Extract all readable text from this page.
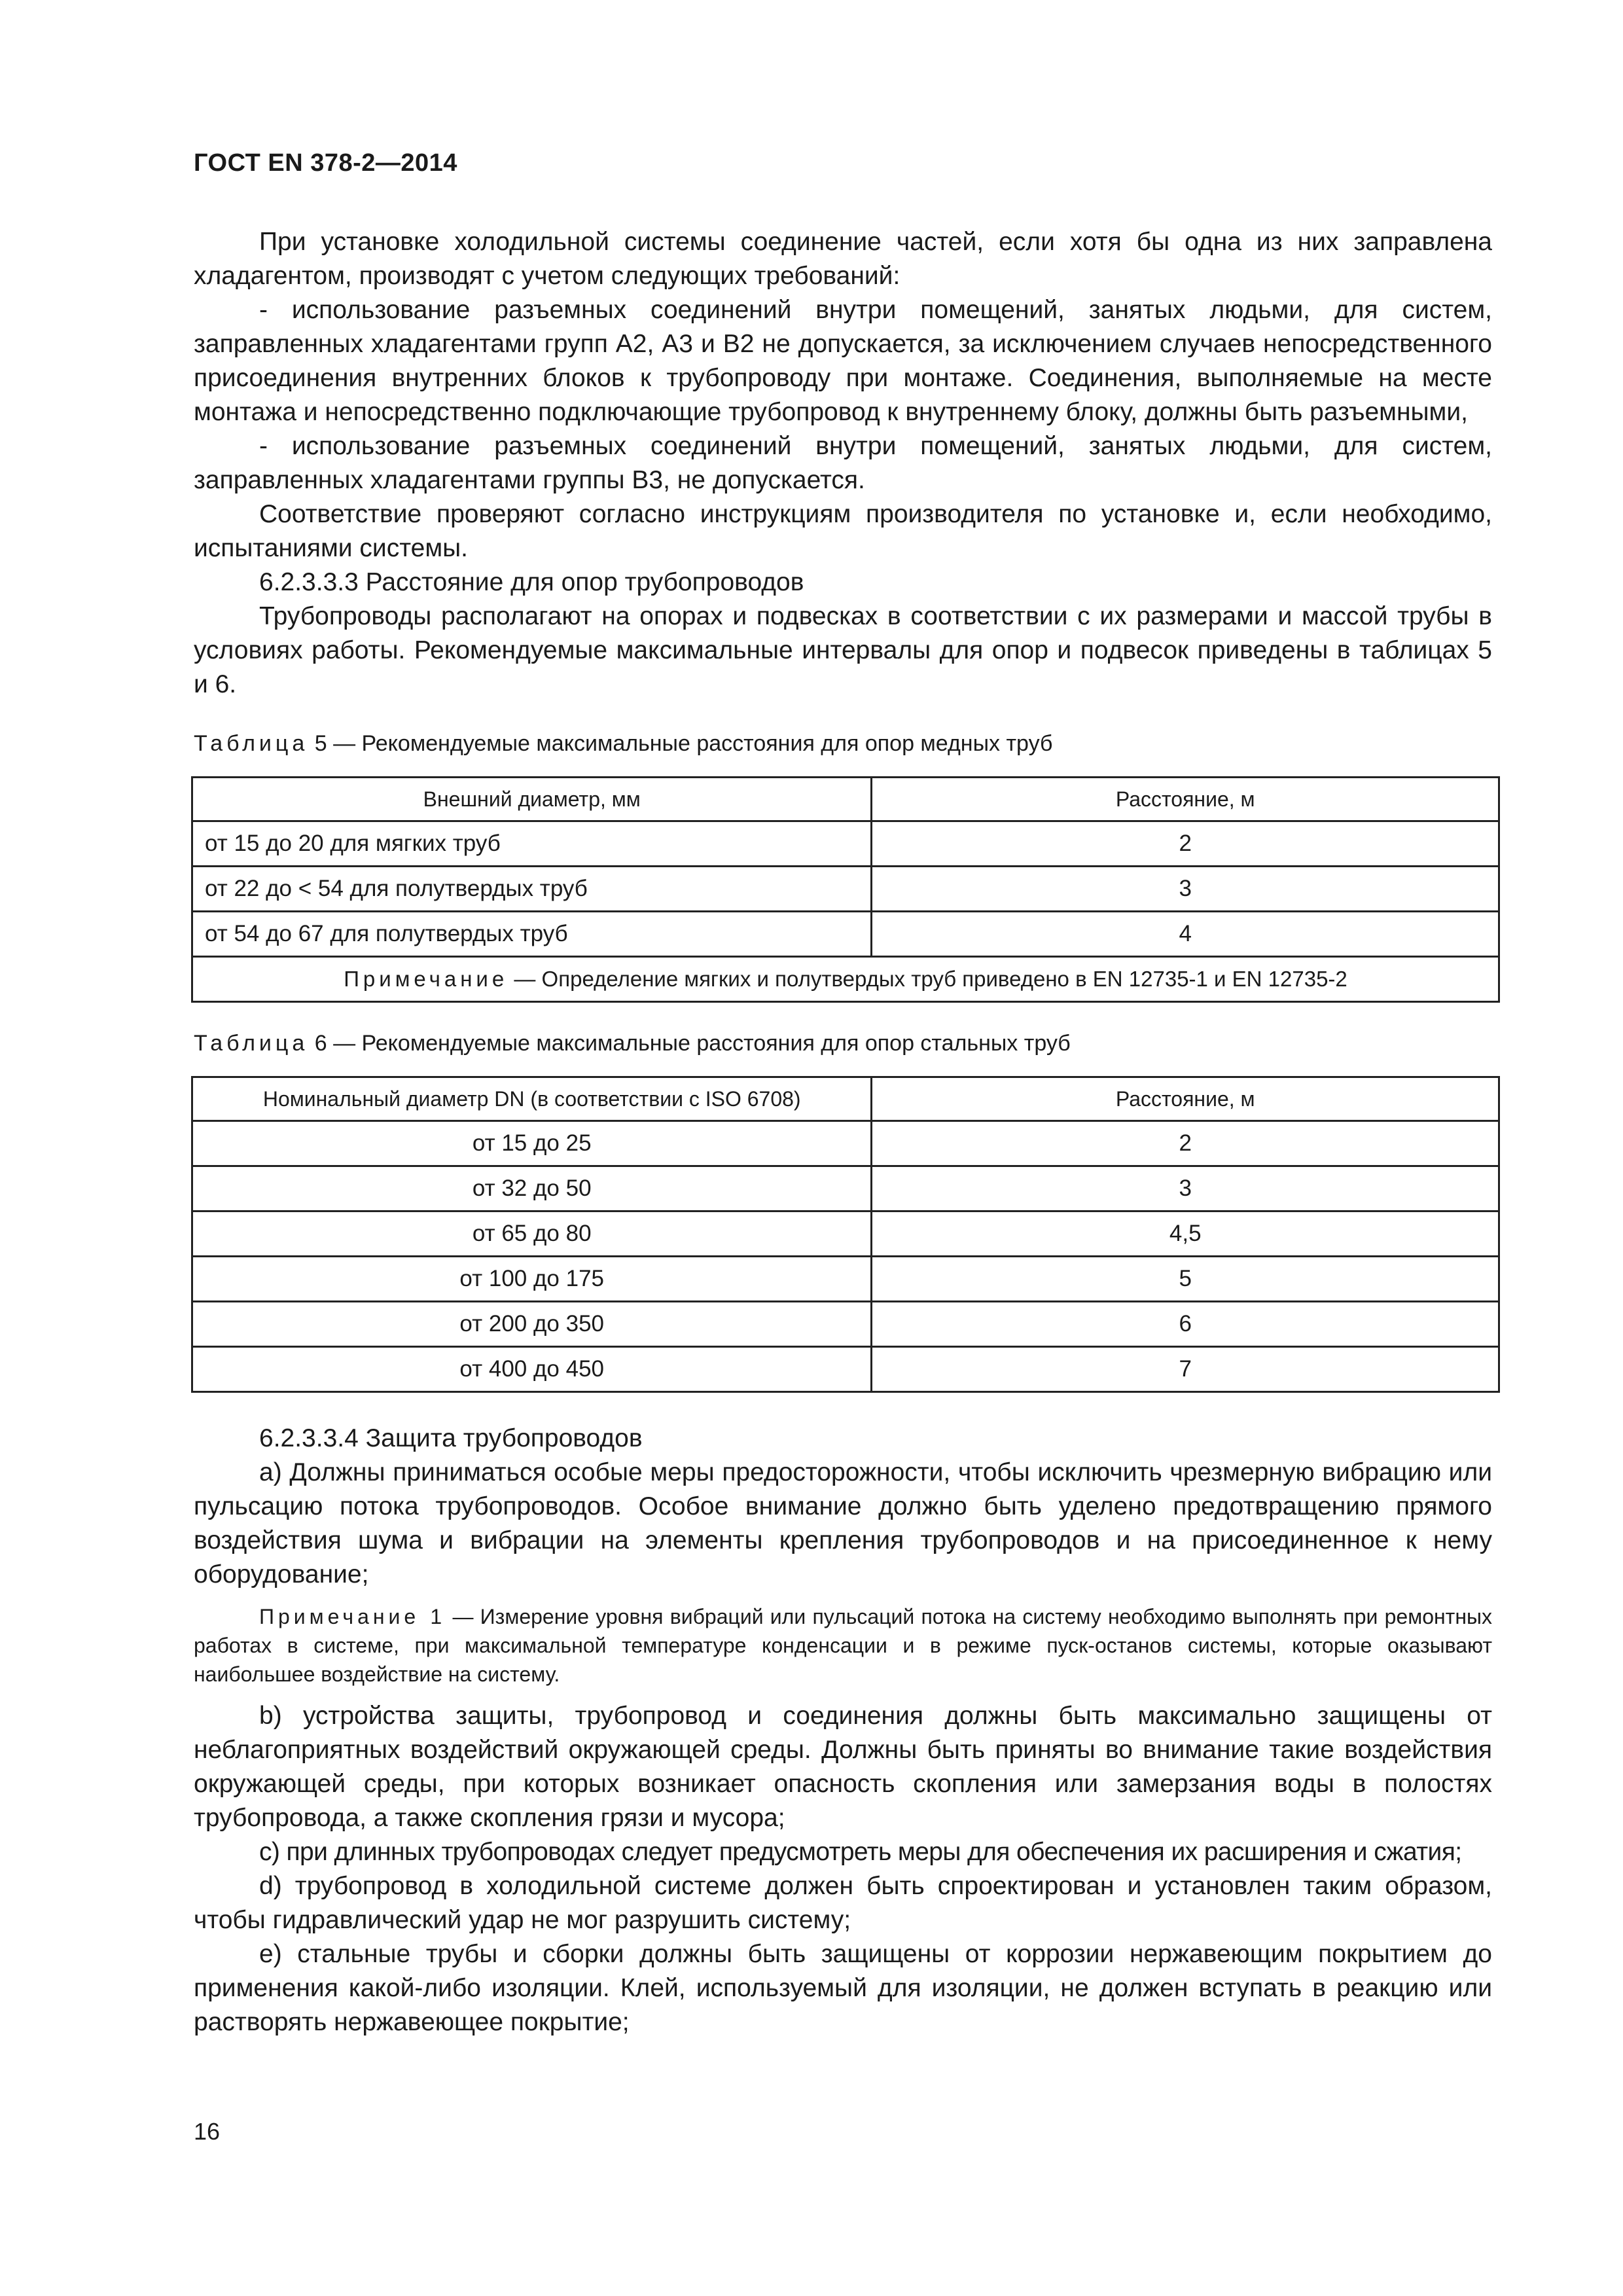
ГОСТ EN 378-2—2014

При установке холодильной системы соединение частей, если хотя бы одна из них заправлена хладагентом, производят с учетом следующих требований:

- использование разъемных соединений внутри помещений, занятых людьми, для систем, заправленных хладагентами групп А2, А3 и В2 не допускается, за исключением случаев непосредственного присоединения внутренних блоков к трубопроводу при монтаже. Соединения, выполняемые на месте монтажа и непосредственно подключающие трубопровод к внутреннему блоку, должны быть разъемными,

- использование разъемных соединений внутри помещений, занятых людьми, для систем, заправленных хладагентами группы В3, не допускается.

Соответствие проверяют согласно инструкциям производителя по установке и, если необходимо, испытаниями системы.

6.2.3.3.3 Расстояние для опор трубопроводов

Трубопроводы располагают на опорах и подвесках в соответствии с их размерами и массой трубы в условиях работы. Рекомендуемые максимальные интервалы для опор и подвесок приведены в таблицах 5 и 6.

Таблица 5 — Рекомендуемые максимальные расстояния для опор медных труб

Внешний диаметр, мм	Расстояние, м
от 15 до 20 для мягких труб	2
от 22 до < 54 для полутвердых труб	3
от 54 до 67 для полутвердых труб	4
Примечание — Определение мягких и полутвердых труб приведено в EN 12735-1 и EN 12735-2	

Таблица 6 — Рекомендуемые максимальные расстояния для опор стальных труб

Номинальный диаметр DN (в соответствии с ISO 6708)	Расстояние, м
от 15 до 25	2
от 32 до 50	3
от 65 до 80	4,5
от 100 до 175	5
от 200 до 350	6
от 400 до 450	7

6.2.3.3.4 Защита трубопроводов

а) Должны приниматься особые меры предосторожности, чтобы исключить чрезмерную вибрацию или пульсацию потока трубопроводов. Особое внимание должно быть уделено предотвращению прямого воздействия шума и вибрации на элементы крепления трубопроводов и на присоединенное к нему оборудование;

Примечание 1 — Измерение уровня вибраций или пульсаций потока на систему необходимо выполнять при ремонтных работах в системе, при максимальной температуре конденсации и в режиме пуск-останов системы, которые оказывают наибольшее воздействие на систему.

b) устройства защиты, трубопровод и соединения должны быть максимально защищены от неблагоприятных воздействий окружающей среды. Должны быть приняты во внимание такие воздействия окружающей среды, при которых возникает опасность скопления или замерзания воды в полостях трубопровода, а также скопления грязи и мусора;

c) при длинных трубопроводах следует предусмотреть меры для обеспечения их расширения и сжатия;

d) трубопровод в холодильной системе должен быть спроектирован и установлен таким образом, чтобы гидравлический удар не мог разрушить систему;

e) стальные трубы и сборки должны быть защищены от коррозии нержавеющим покрытием до применения какой-либо изоляции. Клей, используемый для изоляции, не должен вступать в реакцию или растворять нержавеющее покрытие;

16
